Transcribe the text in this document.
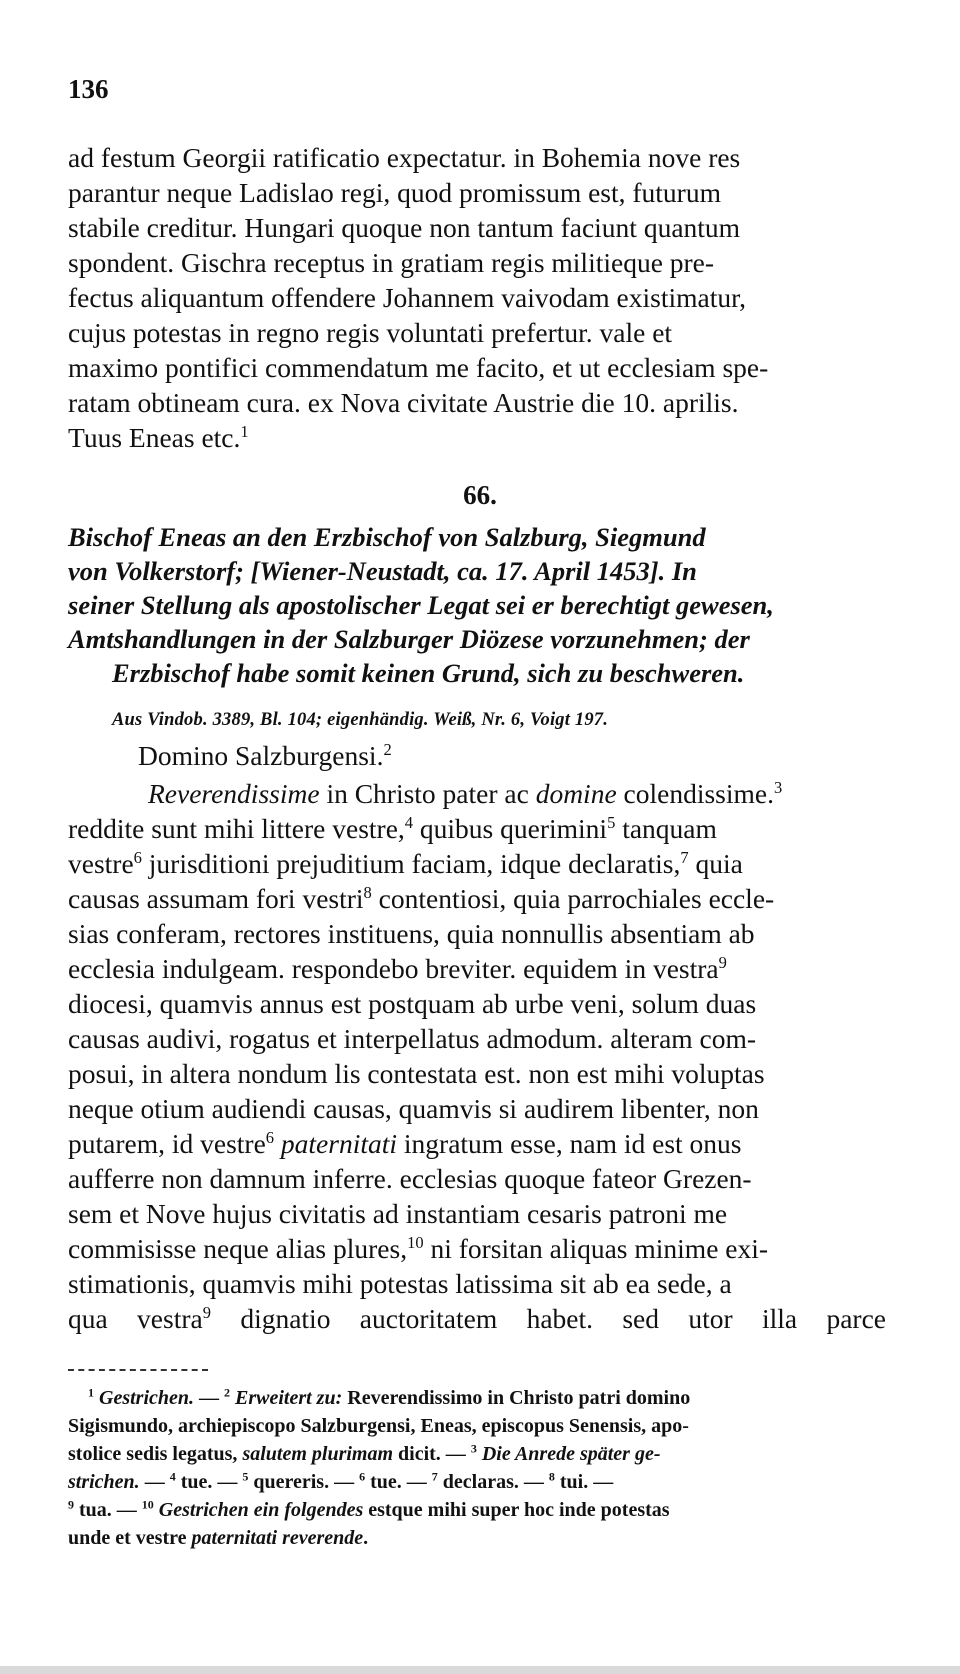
136
ad festum Georgii ratificatio expectatur. in Bohemia nove res
parantur neque Ladislao regi, quod promissum est, futurum
stabile creditur. Hungari quoque non tantum faciunt quantum
spondent. Gischra receptus in gratiam regis militieque pre-
fectus aliquantum offendere Johannem vaivodam existimatur,
cujus potestas in regno regis voluntati prefertur. vale et
maximo pontifici commendatum me facito, et ut ecclesiam spe-
ratam obtineam cura. ex Nova civitate Austrie die 10. aprilis.
Tuus Eneas etc.$^1$
66.
Bischof Eneas an den Erzbischof von Salzburg, Siegmund
von Volkerstorf; [Wiener-Neustadt, ca. 17. April 1453]. In
seiner Stellung als apostolischer Legat sei er berechtigt gewesen,
Amtshandlungen in der Salzburger Diözese vorzunehmen; der
Erzbischof habe somit keinen Grund, sich zu beschweren.
Aus Vindob. 3389, Bl. 104; eigenhändig. Weiß, Nr. 6, Voigt 197.
Domino Salzburgensi.$^2$
Reverendissime in Christo pater ac domine colendissime.$^3$
reddite sunt mihi littere vestre,$^4$ quibus querimini$^5$ tanquam
vestre$^6$ jurisditioni prejuditium faciam, idque declaratis,$^7$ quia
causas assumam fori vestri$^8$ contentiosi, quia parrochiales eccle-
sias conferam, rectores instituens, quia nonnullis absentiam ab
ecclesia indulgeam. respondebo breviter. equidem in vestra$^9$
diocesi, quamvis annus est postquam ab urbe veni, solum duas
causas audivi, rogatus et interpellatus admodum. alteram com-
posui, in altera nondum lis contestata est. non est mihi voluptas
neque otium audiendi causas, quamvis si audirem libenter, non
putarem, id vestre$^6$ paternitati ingratum esse, nam id est onus
aufferre non damnum inferre. ecclesias quoque fateor Grezen-
sem et Nove hujus civitatis ad instantiam cesaris patroni me
commisisse neque alias plures,$^{10}$ ni forsitan aliquas minime exi-
stimationis, quamvis mihi potestas latissima sit ab ea sede, a
qua vestra$^9$ dignatio auctoritatem habet. sed utor illa parce
$^1$ Gestrichen. — $^2$ Erweitert zu: Reverendissimo in Christo patri domino
Sigismundo, archiepiscopo Salzburgensi, Eneas, episcopus Senensis, apo-
stolice sedis legatus, salutem plurimam dicit. — $^3$ Die Anrede später ge-
strichen. — $^4$ tue. — $^5$ quereris. — $^6$ tue. — $^7$ declaras. — $^8$ tui. —
$^9$ tua. — $^{10}$ Gestrichen ein folgendes estque mihi super hoc inde potestas
unde et vestre paternitati reverende.
